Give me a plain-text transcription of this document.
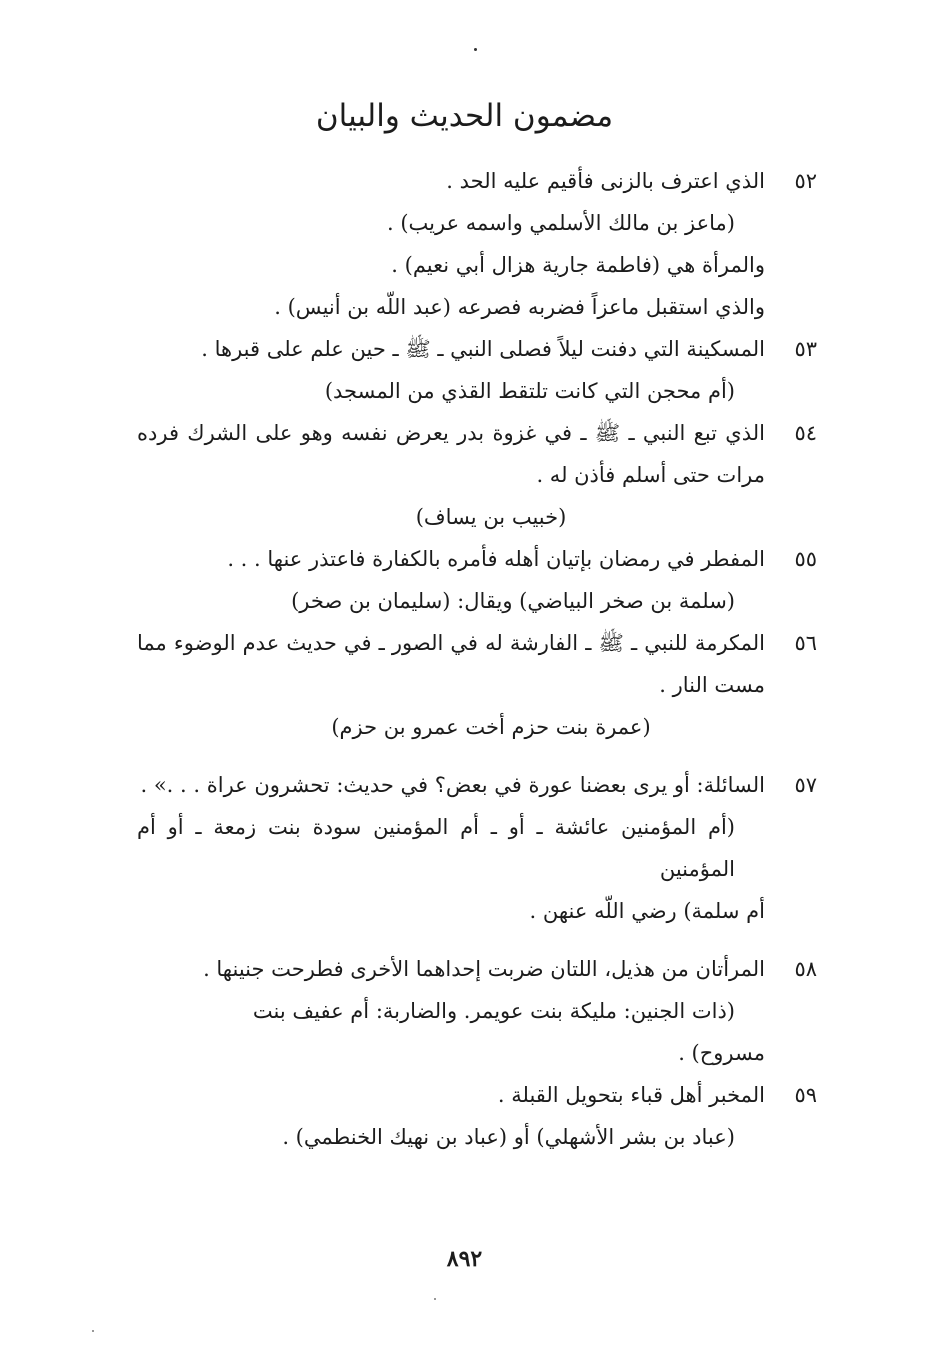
مضمون الحديث والبيان
٥٢
الذي اعترف بالزنى فأقيم عليه الحد .
(ماعز بن مالك الأسلمي واسمه عريب) .
والمرأة هي (فاطمة جارية هزال أبي نعيم) .
والذي استقبل ماعزاً فضربه فصرعه (عبد اللّه بن أنيس) .
٥٣
المسكينة التي دفنت ليلاً فصلى النبي ـ ﷺ ـ حين علم على قبرها .
(أم محجن التي كانت تلتقط القذي من المسجد)
٥٤
الذي تبع النبي ـ ﷺ ـ في غزوة بدر يعرض نفسه وهو على الشرك فرده مرات حتى أسلم فأذن له .
(خبيب بن يساف)
٥٥
المفطر في رمضان بإتيان أهله فأمره بالكفارة فاعتذر عنها . . .
(سلمة بن صخر البياضي) ويقال: (سليمان بن صخر)
٥٦
المكرمة للنبي ـ ﷺ ـ الفارشة له في الصور ـ في حديث عدم الوضوء مما مست النار .
(عمرة بنت حزم أخت عمرو بن حزم)
٥٧
السائلة: أو يرى بعضنا عورة في بعض؟ في حديث: تحشرون عراة . . .» .
(أم المؤمنين عائشة ـ أو ـ أم المؤمنين سودة بنت زمعة ـ أو أم المؤمنين
أم سلمة) رضي اللّه عنهن .
٥٨
المرأتان من هذيل، اللتان ضربت إحداهما الأخرى فطرحت جنينها .
(ذات الجنين: مليكة بنت عويمر. والضاربة: أم عفيف بنت
مسروح) .
٥٩
المخبر أهل قباء بتحويل القبلة .
(عباد بن بشر الأشهلي) أو (عباد بن نهيك الخنطمي) .
٨٩٢
